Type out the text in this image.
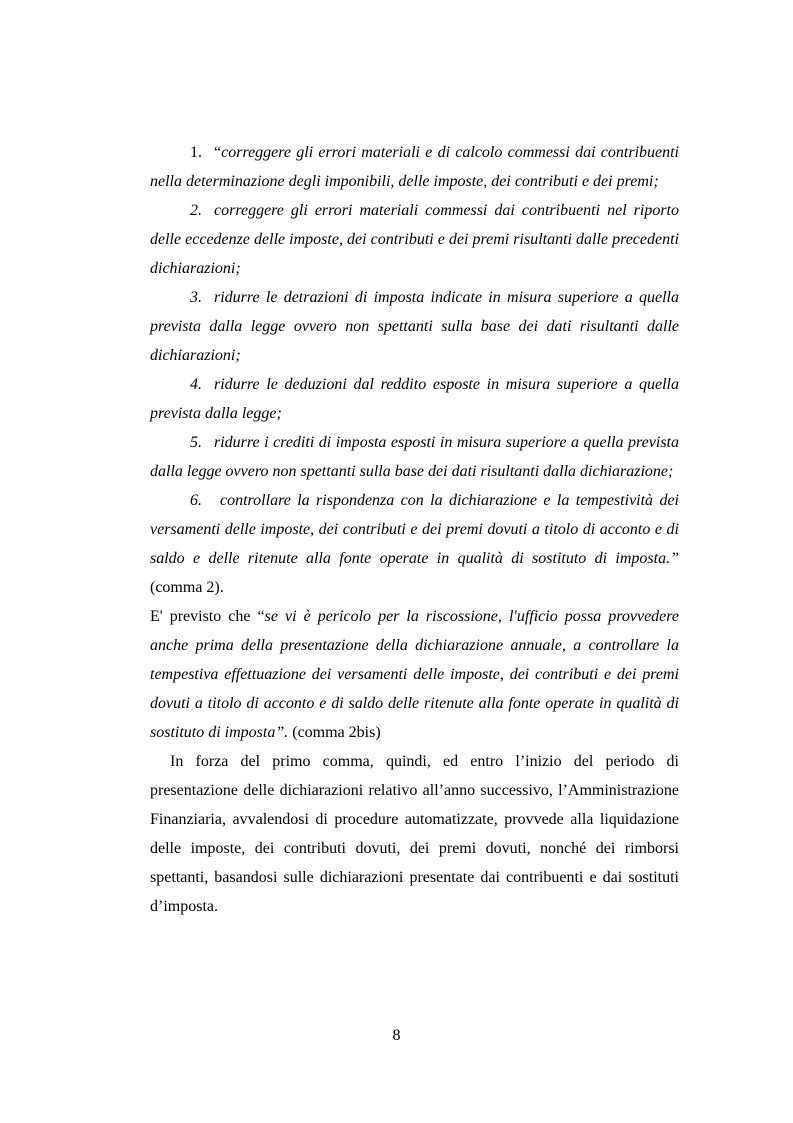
1. “correggere gli errori materiali e di calcolo commessi dai contribuenti nella determinazione degli imponibili, delle imposte, dei contributi e dei premi;

2. correggere gli errori materiali commessi dai contribuenti nel riporto delle eccedenze delle imposte, dei contributi e dei premi risultanti dalle precedenti dichiarazioni;

3. ridurre le detrazioni di imposta indicate in misura superiore a quella prevista dalla legge ovvero non spettanti sulla base dei dati risultanti dalle dichiarazioni;

4. ridurre le deduzioni dal reddito esposte in misura superiore a quella prevista dalla legge;

5. ridurre i crediti di imposta esposti in misura superiore a quella prevista dalla legge ovvero non spettanti sulla base dei dati risultanti dalla dichiarazione;

6. controllare la rispondenza con la dichiarazione e la tempestività dei versamenti delle imposte, dei contributi e dei premi dovuti a titolo di acconto e di saldo e delle ritenute alla fonte operate in qualità di sostituto di imposta.” (comma 2).

E' previsto che “se vi è pericolo per la riscossione, l'ufficio possa provvedere anche prima della presentazione della dichiarazione annuale, a controllare la tempestiva effettuazione dei versamenti delle imposte, dei contributi e dei premi dovuti a titolo di acconto e di saldo delle ritenute alla fonte operate in qualità di sostituto di imposta”. (comma 2bis)

In forza del primo comma, quindi, ed entro l’inizio del periodo di presentazione delle dichiarazioni relativo all’anno successivo, l’Amministrazione Finanziaria, avvalendosi di procedure automatizzate, provvede alla liquidazione delle imposte, dei contributi dovuti, dei premi dovuti, nonché dei rimborsi spettanti, basandosi sulle dichiarazioni presentate dai contribuenti e dai sostituti d’imposta.

8
